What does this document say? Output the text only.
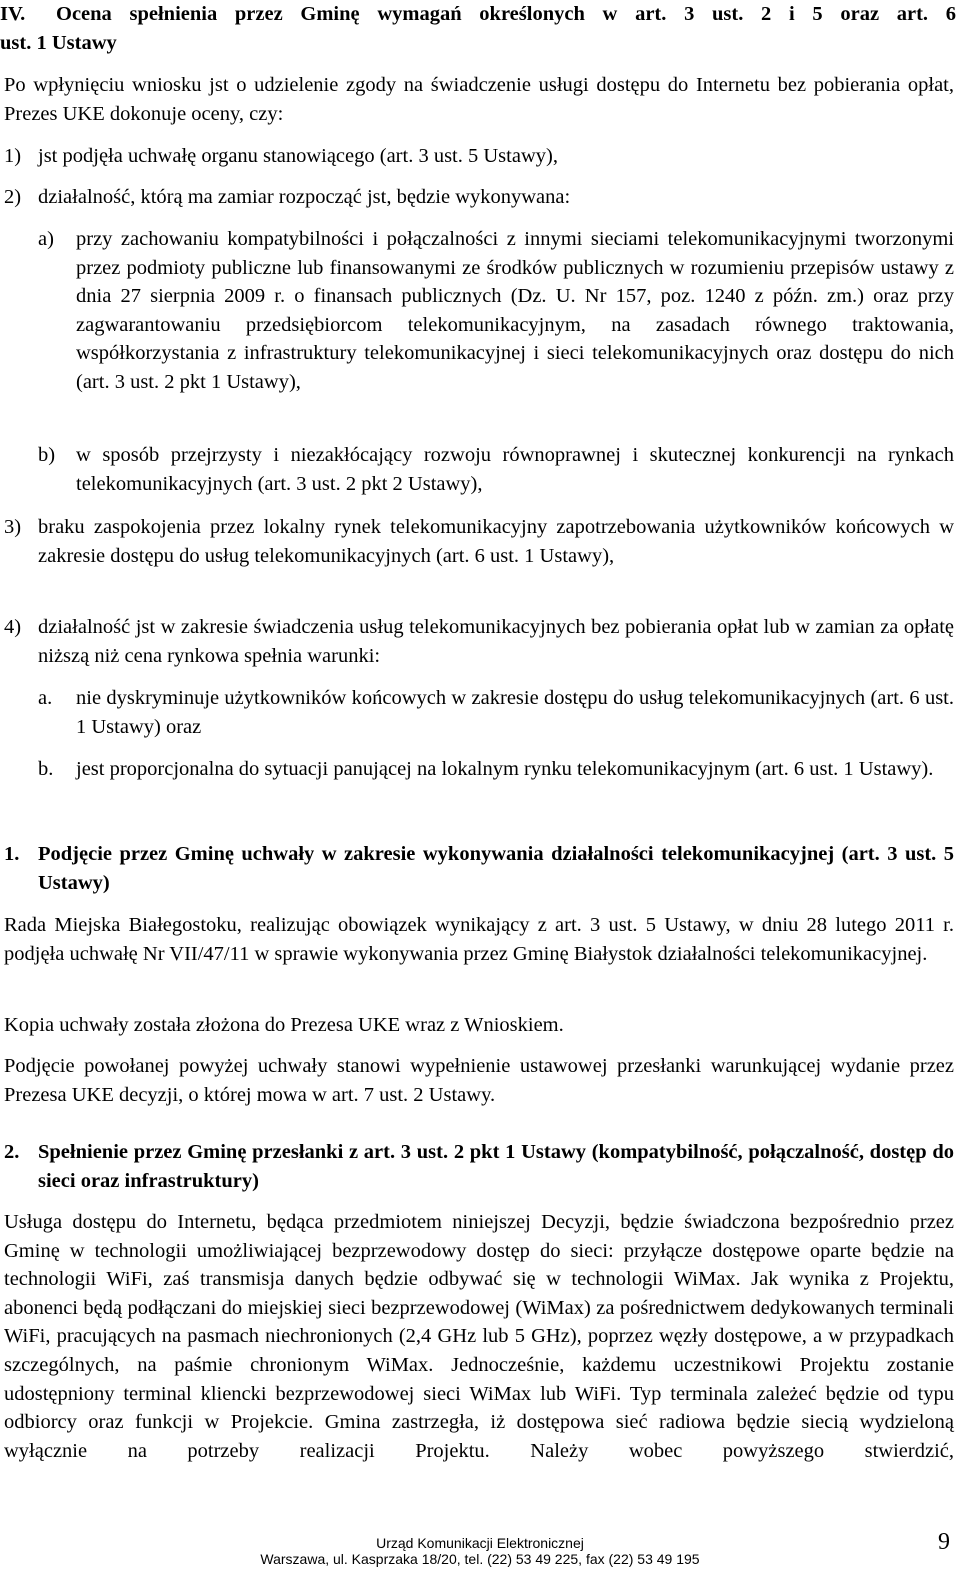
IV. Ocena spełnienia przez Gminę wymagań określonych w art. 3 ust. 2 i 5 oraz art. 6
ust. 1 Ustawy
Po wpłynięciu wniosku jst o udzielenie zgody na świadczenie usługi dostępu do Internetu bez pobierania opłat, Prezes UKE dokonuje oceny, czy:
1) jst podjęła uchwałę organu stanowiącego (art. 3 ust. 5 Ustawy),
2) działalność, którą ma zamiar rozpocząć jst, będzie wykonywana:
a) przy zachowaniu kompatybilności i połączalności z innymi sieciami telekomunikacyjnymi tworzonymi przez podmioty publiczne lub finansowanymi ze środków publicznych w rozumieniu przepisów ustawy z dnia 27 sierpnia 2009 r. o finansach publicznych (Dz. U. Nr 157, poz. 1240 z późn. zm.) oraz przy zagwarantowaniu przedsiębiorcom telekomunikacyjnym, na zasadach równego traktowania, współkorzystania z infrastruktury telekomunikacyjnej i sieci telekomunikacyjnych oraz dostępu do nich (art. 3 ust. 2 pkt 1 Ustawy),
b) w sposób przejrzysty i niezakłócający rozwoju równoprawnej i skutecznej konkurencji na rynkach telekomunikacyjnych (art. 3 ust. 2 pkt 2 Ustawy),
3) braku zaspokojenia przez lokalny rynek telekomunikacyjny zapotrzebowania użytkowników końcowych w zakresie dostępu do usług telekomunikacyjnych (art. 6 ust. 1 Ustawy),
4) działalność jst w zakresie świadczenia usług telekomunikacyjnych bez pobierania opłat lub w zamian za opłatę niższą niż cena rynkowa spełnia warunki:
a. nie dyskryminuje użytkowników końcowych w zakresie dostępu do usług telekomunikacyjnych (art. 6 ust. 1 Ustawy) oraz
b. jest proporcjonalna do sytuacji panującej na lokalnym rynku telekomunikacyjnym (art. 6 ust. 1 Ustawy).
1. Podjęcie przez Gminę uchwały w zakresie wykonywania działalności telekomunikacyjnej (art. 3 ust. 5 Ustawy)
Rada Miejska Białegostoku, realizując obowiązek wynikający z art. 3 ust. 5 Ustawy, w dniu 28 lutego 2011 r. podjęła uchwałę Nr VII/47/11 w sprawie wykonywania przez Gminę Białystok działalności telekomunikacyjnej.
Kopia uchwały została złożona do Prezesa UKE wraz z Wnioskiem.
Podjęcie powołanej powyżej uchwały stanowi wypełnienie ustawowej przesłanki warunkującej wydanie przez Prezesa UKE decyzji, o której mowa w art. 7 ust. 2 Ustawy.
2. Spełnienie przez Gminę przesłanki z art. 3 ust. 2 pkt 1 Ustawy (kompatybilność, połączalność, dostęp do sieci oraz infrastruktury)
Usługa dostępu do Internetu, będąca przedmiotem niniejszej Decyzji, będzie świadczona bezpośrednio przez Gminę w technologii umożliwiającej bezprzewodowy dostęp do sieci: przyłącze dostępowe oparte będzie na technologii WiFi, zaś transmisja danych będzie odbywać się w technologii WiMax. Jak wynika z Projektu, abonenci będą podłączani do miejskiej sieci bezprzewodowej (WiMax) za pośrednictwem dedykowanych terminali WiFi, pracujących na pasmach niechronionych (2,4 GHz lub 5 GHz), poprzez węzły dostępowe, a w przypadkach szczególnych, na paśmie chronionym WiMax. Jednocześnie, każdemu uczestnikowi Projektu zostanie udostępniony terminal kliencki bezprzewodowej sieci WiMax lub WiFi. Typ terminala zależeć będzie od typu odbiorcy oraz funkcji w Projekcie. Gmina zastrzegła, iż dostępowa sieć radiowa będzie siecią wydzieloną wyłącznie na potrzeby realizacji Projektu. Należy wobec powyższego stwierdzić,
Urząd Komunikacji Elektronicznej
Warszawa, ul. Kasprzaka 18/20, tel. (22) 53 49 225, fax (22) 53 49 195
9
